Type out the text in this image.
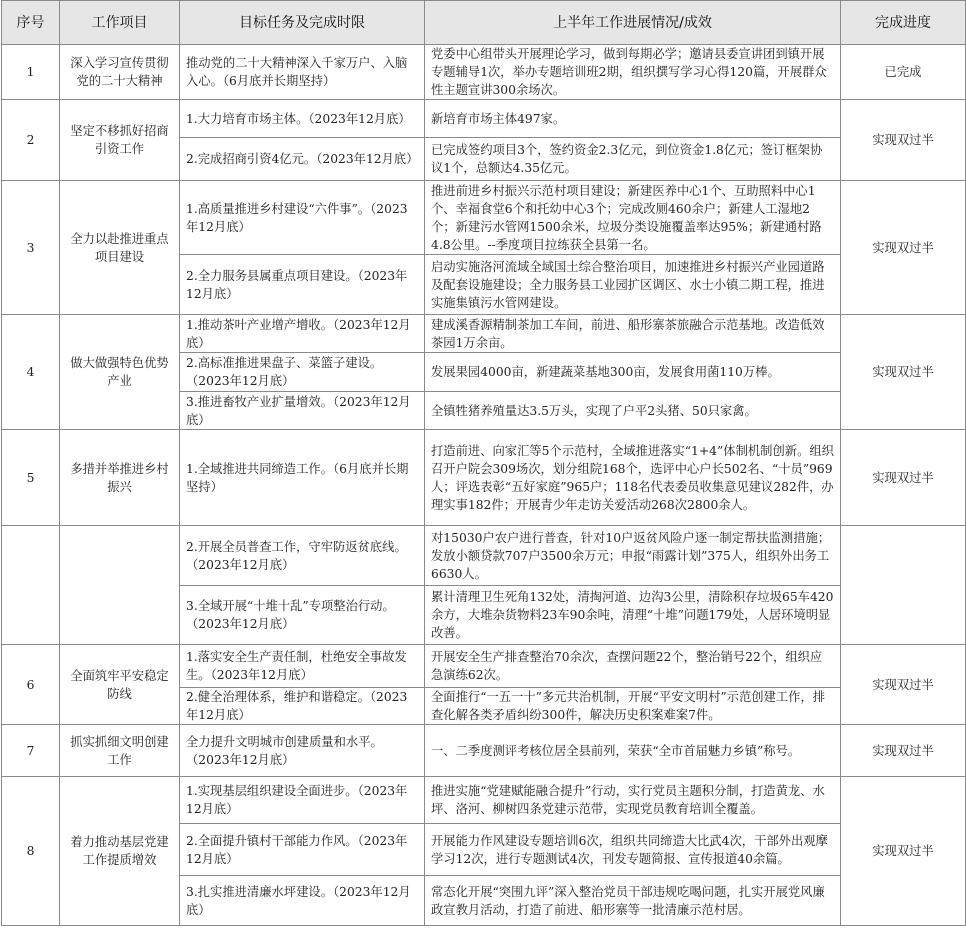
序号	工作项目	目标任务及完成时限	上半年工作进展情况/成效	完成进度
1	深入学习宣传贯彻党的二十大精神	推动党的二十大精神深入千家万户、入脑入心。（6月底并长期坚持）	党委中心组带头开展理论学习，做到每期必学；邀请县委宣讲团到镇开展专题辅导1次，举办专题培训班2期，组织撰写学习心得120篇，开展群众性主题宣讲300余场次。	已完成
2	坚定不移抓好招商引资工作	1.大力培育市场主体。（2023年12月底）	新培育市场主体497家。	实现双过半
		2.完成招商引资4亿元。（2023年12月底）	已完成签约项目3个，签约资金2.3亿元，到位资金1.8亿元；签订框架协议1个，总额达4.35亿元。	
3	全力以赴推进重点项目建设	1.高质量推进乡村建设“六件事”。（2023年12月底）	推进前进乡村振兴示范村项目建设；新建医养中心1个、互助照料中心1个、幸福食堂6个和托幼中心3个；完成改厕460余户；新建人工湿地2个；新建污水管网1500余米，垃圾分类设施覆盖率达95%；新建通村路4.8公里。--季度项目拉练获全县第一名。	实现双过半
		2.全力服务县属重点项目建设。（2023年12月底）	启动实施洛河流域全域国土综合整治项目，加速推进乡村振兴产业园道路及配套设施建设；全力服务县工业园扩区调区、水士小镇二期工程，推进实施集镇污水管网建设。	
4	做大做强特色优势产业	1.推动茶叶产业增产增收。（2023年12月底）	建成溪香源精制茶加工车间，前进、船形寨茶旅融合示范基地。改造低效茶园1万余亩。	实现双过半
		2.高标准推进果盘子、菜篮子建设。（2023年12月底）	发展果园4000亩，新建蔬菜基地300亩，发展食用菌110万棒。	
		3.推进畜牧产业扩量增效。（2023年12月底）	全镇牲猪养殖量达3.5万头，实现了户平2头猪、50只家禽。	
5	多措并举推进乡村振兴	1.全域推进共同缔造工作。（6月底并长期坚持）	打造前进、向家汇等5个示范村，全域推进落实“1+4”体制机制创新。组织召开户院会309场次，划分组院168个，选评中心户长502名、“十员”969人；评选表彰“五好家庭”965户；118名代表委员收集意见建议282件，办理实事182件；开展青少年走访关爱活动268次2800余人。	实现双过半
		2.开展全员普查工作，守牢防返贫底线。（2023年12月底）	对15030户农户进行普查，针对10户返贫风险户逐一制定帮扶监测措施；发放小额贷款707户3500余万元；申报“雨露计划”375人，组织外出务工6630人。	
		3.全域开展“十堆十乱”专项整治行动。（2023年12月底）	累计清理卫生死角132处，清掏河道、边沟3公里，清除积存垃圾65车420余方，大堆杂货物料23车90余吨，清理“十堆”问题179处，人居环境明显改善。	
6	全面筑牢平安稳定防线	1.落实安全生产责任制，杜绝安全事故发生。（2023年12月底）	开展安全生产排查整治70余次，查摆问题22个，整治销号22个，组织应急演练62次。	实现双过半
		2.健全治理体系，维护和谐稳定。（2023年12月底）	全面推行“一五一十”多元共治机制，开展“平安文明村”示范创建工作，排查化解各类矛盾纠纷300件，解决历史积案难案7件。	
7	抓实抓细文明创建工作	全力提升文明城市创建质量和水平。（2023年12月底）	一、二季度测评考核位居全县前列，荣获“全市首届魅力乡镇”称号。	实现双过半
8	着力推动基层党建工作提质增效	1.实现基层组织建设全面进步。（2023年12月底）	推进实施“党建赋能融合提升”行动，实行党员主题积分制，打造黄龙、水坪、洛河、柳树四条党建示范带，实现党员教育培训全覆盖。	实现双过半
		2.全面提升镇村干部能力作风。（2023年12月底）	开展能力作风建设专题培训6次，组织共同缔造大比武4次，干部外出观摩学习12次，进行专题测试4次，刊发专题简报、宣传报道40余篇。	
		3.扎实推进清廉水坪建设。（2023年12月底）	常态化开展“突围九评”深入整治党员干部违规吃喝问题，扎实开展党风廉政宣教月活动，打造了前进、船形寨等一批清廉示范村居。	
